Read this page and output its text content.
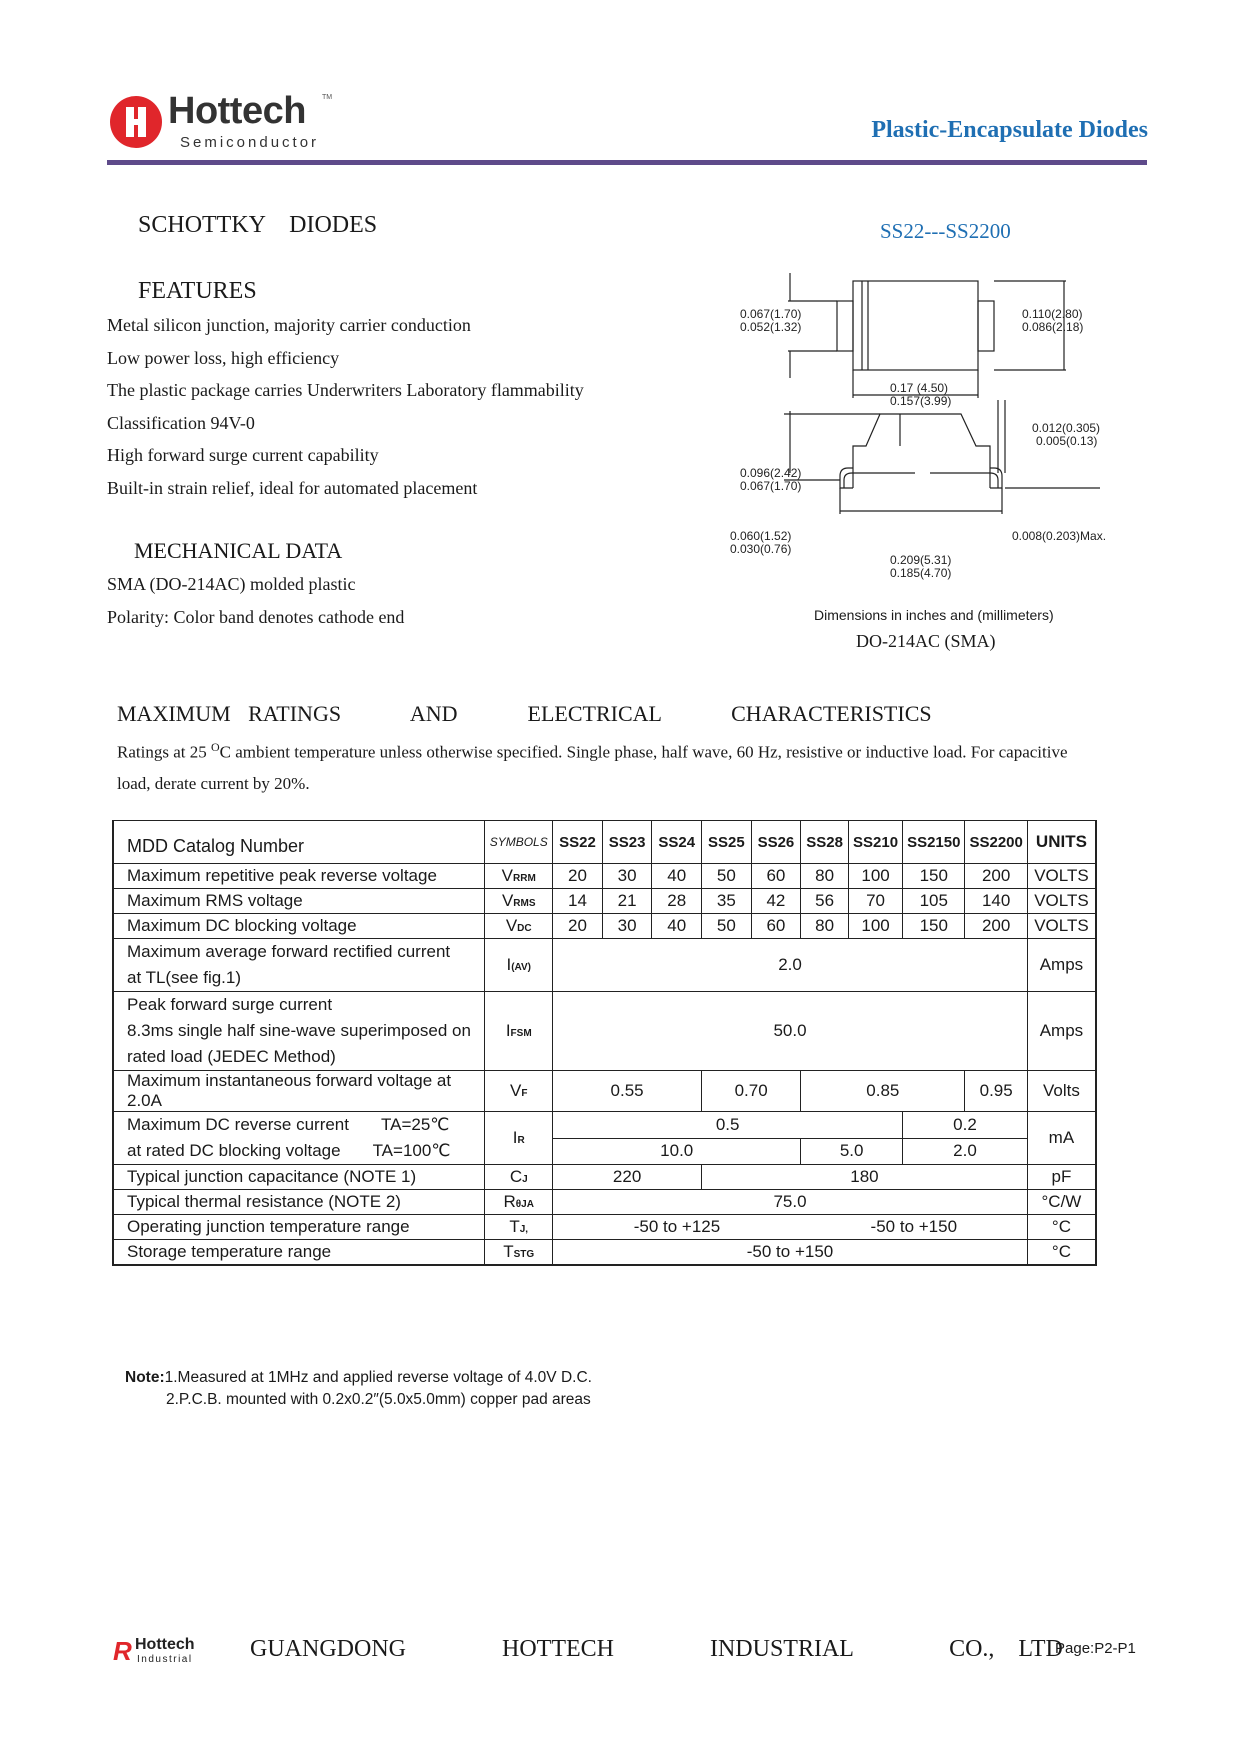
Hottech TM
Semiconductor	Plastic-Encapsulate Diodes
SCHOTTKY    DIODES	SS22---SS2200
FEATURES
Metal silicon junction, majority carrier conduction
Low power loss, high efficiency
The plastic package carries Underwriters Laboratory flammability
Classification 94V-0
High forward surge current capability
Built-in strain relief, ideal for automated placement
MECHANICAL DATA
SMA (DO-214AC) molded plastic
Polarity: Color band denotes cathode end
0.067(1.70)
0.052(1.32)
0.110(2.80)
0.086(2.18)
0.17 (4.50)
0.157(3.99)
0.012(0.305)
0.005(0.13)
0.096(2.42)
0.067(1.70)
0.060(1.52)
0.030(0.76)
0.008(0.203)Max.
0.209(5.31)
0.185(4.70)
Dimensions in inches and (millimeters)
DO-214AC (SMA)
MAXIMUM RATINGS    AND    ELECTRICAL    CHARACTERISTICS
Ratings at 25 $^O$C ambient temperature unless otherwise specified. Single phase, half wave, 60 Hz, resistive or inductive load. For capacitive load, derate current by 20%.
MDD Catalog Number	SYMBOLS	SS22	SS23	SS24	SS25	SS26	SS28	SS210	SS2150	SS2200	UNITS
Maximum repetitive peak reverse voltage	VRRM	20	30	40	50	60	80	100	150	200	VOLTS
Maximum RMS voltage	VRMS	14	21	28	35	42	56	70	105	140	VOLTS
Maximum DC blocking voltage	VDC	20	30	40	50	60	80	100	150	200	VOLTS

Maximum average forward rectified current
at TL(see fig.1)	I(AV)	2.0									Amps

Peak forward surge current
8.3ms single half sine-wave superimposed on
rated load (JEDEC Method)	IFSM	50.0									Amps
Maximum instantaneous forward voltage at 2.0A	VF	0.55			0.70		0.85			0.95	Volts

Maximum DC reverse current TA=25℃
at rated DC blocking voltage TA=100℃	IR	0.5							0.2		mA
		10.0					5.0		2.0		
Typical junction capacitance (NOTE 1)	CJ	220			180						pF
Typical thermal resistance (NOTE 2)	RθJA	75.0									°C/W
Operating junction temperature range	TJ,	-50 to +125					-50 to +150				°C
Storage temperature range	TSTG	-50 to +150									°C
Note:1.Measured at 1MHz and applied reverse voltage of 4.0V D.C.
2.P.C.B. mounted with 0.2x0.2″(5.0x5.0mm) copper pad areas
R Hottech
Industrial GUANGDONG    HOTTECH    INDUSTRIAL    CO., LTD
Page:P2-P1
